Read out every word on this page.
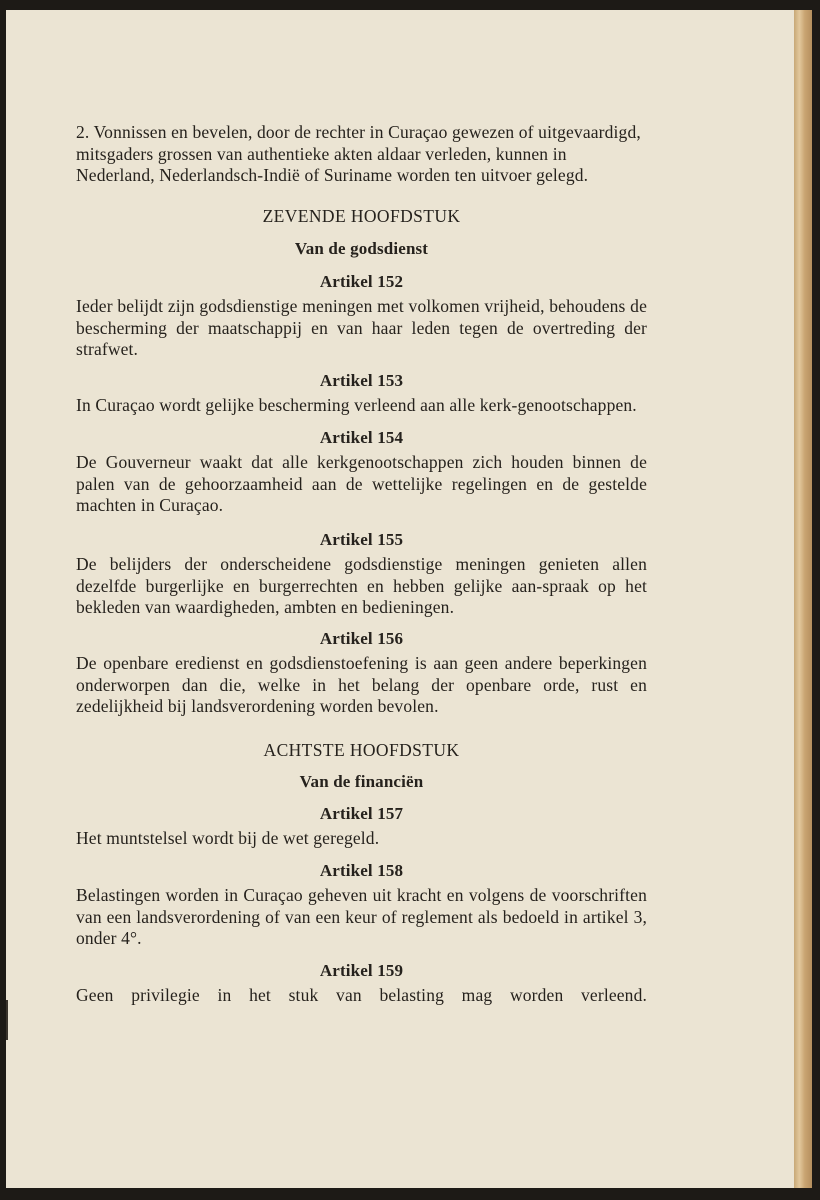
2. Vonnissen en bevelen, door de rechter in Curaçao gewezen of uitgevaardigd, mitsgaders grossen van authentieke akten aldaar verleden, kunnen in Nederland, Nederlandsch-Indië of Suriname worden ten uitvoer gelegd.

ZEVENDE HOOFDSTUK

Van de godsdienst

Artikel 152

Ieder belijdt zijn godsdienstige meningen met volkomen vrijheid, behoudens de bescherming der maatschappij en van haar leden tegen de overtreding der strafwet.

Artikel 153

In Curaçao wordt gelijke bescherming verleend aan alle kerk-genootschappen.

Artikel 154

De Gouverneur waakt dat alle kerkgenootschappen zich houden binnen de palen van de gehoorzaamheid aan de wettelijke regelingen en de gestelde machten in Curaçao.

Artikel 155

De belijders der onderscheidene godsdienstige meningen genieten allen dezelfde burgerlijke en burgerrechten en hebben gelijke aan-spraak op het bekleden van waardigheden, ambten en bedieningen.

Artikel 156

De openbare eredienst en godsdienstoefening is aan geen andere beperkingen onderworpen dan die, welke in het belang der openbare orde, rust en zedelijkheid bij landsverordening worden bevolen.

ACHTSTE HOOFDSTUK

Van de financiën

Artikel 157

Het muntstelsel wordt bij de wet geregeld.

Artikel 158

Belastingen worden in Curaçao geheven uit kracht en volgens de voorschriften van een landsverordening of van een keur of reglement als bedoeld in artikel 3, onder 4°.

Artikel 159

Geen privilegie in het stuk van belasting mag worden verleend.
